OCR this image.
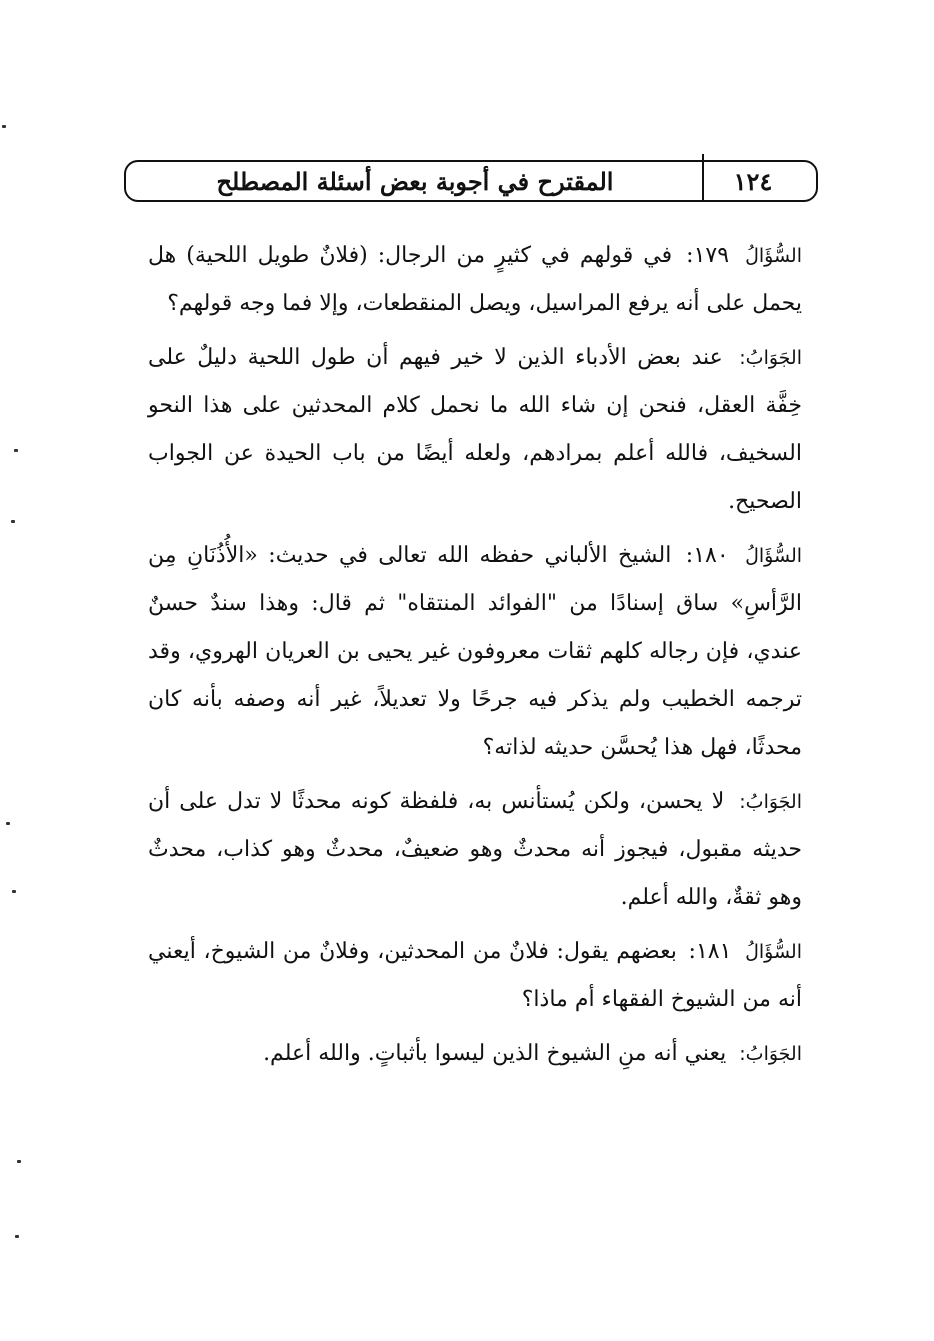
١٢٤
المقترح في أجوبة بعض أسئلة المصطلح

السُّؤَالُ ١٧٩: في قولهم في كثيرٍ من الرجال: (فلانٌ طويل اللحية) هل يحمل على أنه يرفع المراسيل، ويصل المنقطعات، وإلا فما وجه قولهم؟

الجَوَابُ: عند بعض الأدباء الذين لا خير فيهم أن طول اللحية دليلٌ على خِفَّة العقل، فنحن إن شاء الله ما نحمل كلام المحدثين على هذا النحو السخيف، فالله أعلم بمرادهم، ولعله أيضًا من باب الحيدة عن الجواب الصحيح.

السُّؤَالُ ١٨٠: الشيخ الألباني حفظه الله تعالى في حديث: «الأُذُنَانِ مِن الرَّأسِ» ساق إسنادًا من "الفوائد المنتقاه" ثم قال: وهذا سندٌ حسنٌ عندي، فإن رجاله كلهم ثقات معروفون غير يحيى بن العريان الهروي، وقد ترجمه الخطيب ولم يذكر فيه جرحًا ولا تعديلاً، غير أنه وصفه بأنه كان محدثًا، فهل هذا يُحسَّن حديثه لذاته؟

الجَوَابُ: لا يحسن، ولكن يُستأنس به، فلفظة كونه محدثًا لا تدل على أن حديثه مقبول، فيجوز أنه محدثٌ وهو ضعيفٌ، محدثٌ وهو كذاب، محدثٌ وهو ثقةٌ، والله أعلم.

السُّؤَالُ ١٨١: بعضهم يقول: فلانٌ من المحدثين، وفلانٌ من الشيوخ، أيعني أنه من الشيوخ الفقهاء أم ماذا؟

الجَوَابُ: يعني أنه منِ الشيوخ الذين ليسوا بأثباتٍ. والله أعلم.
